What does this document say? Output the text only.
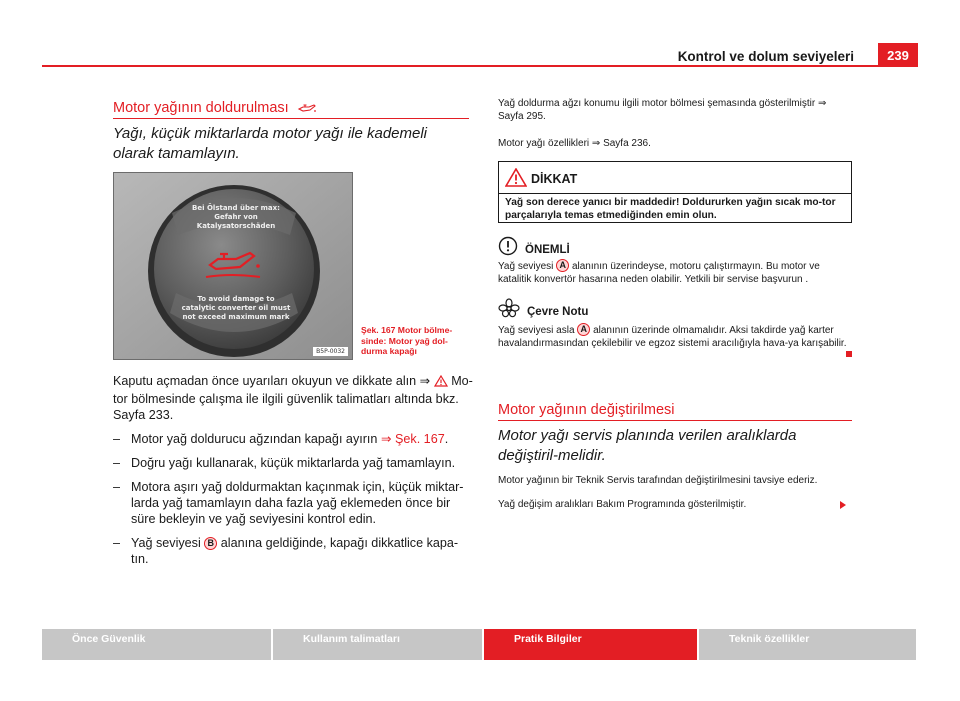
Kontrol ve dolum seviyeleri	239
Motor yağının doldurulması
Yağı, küçük miktarlarda motor yağı ile kademeli olarak tamamlayın.
Bei Ölstand über max:
Gefahr von Katalysatorschäden
To avoid damage to
catalytic converter oil must
not exceed maximum mark
B5P-0032
Şek. 167 Motor bölme-sinde: Motor yağ dol-durma kapağı
Kaputu açmadan önce uyarıları okuyun ve dikkate alın ⇒  Mo-tor bölmesinde çalışma ile ilgili güvenlik talimatları altında bkz. Sayfa 233.
– Motor yağ doldurucu ağzından kapağı ayırın ⇒ Şek. 167.
– Doğru yağı kullanarak, küçük miktarlarda yağ tamamlayın.
– Motora aşırı yağ doldurmaktan kaçınmak için, küçük miktar-larda yağ tamamlayın daha fazla yağ eklemeden önce bir süre bekleyin ve yağ seviyesini kontrol edin.
– Yağ seviyesi B alanına geldiğinde, kapağı dikkatlice kapa-tın.
Yağ doldurma ağzı konumu ilgili motor bölmesi şemasında gösterilmiştir ⇒ Sayfa 295.
Motor yağı özellikleri ⇒ Sayfa 236.
DİKKAT
Yağ son derece yanıcı bir maddedir! Doldururken yağın sıcak mo-tor parçalarıyla temas etmediğinden emin olun.
ÖNEMLİ
Yağ seviyesi A alanının üzerindeyse, motoru çalıştırmayın. Bu motor ve katalitik konvertör hasarına neden olabilir. Yetkili bir servise başvurun .
Çevre Notu
Yağ seviyesi asla A alanının üzerinde olmamalıdır. Aksi takdirde yağ karter havalandırmasından çekilebilir ve egzoz sistemi aracılığıyla hava-ya karışabilir.
Motor yağının değiştirilmesi
Motor yağı servis planında verilen aralıklarda değiştiril-melidir.
Motor yağının bir Teknik Servis tarafından değiştirilmesini tavsiye ederiz.
Yağ değişim aralıkları Bakım Programında gösterilmiştir.
Önce Güvenlik	Kullanım talimatları	Pratik Bilgiler	Teknik özellikler
